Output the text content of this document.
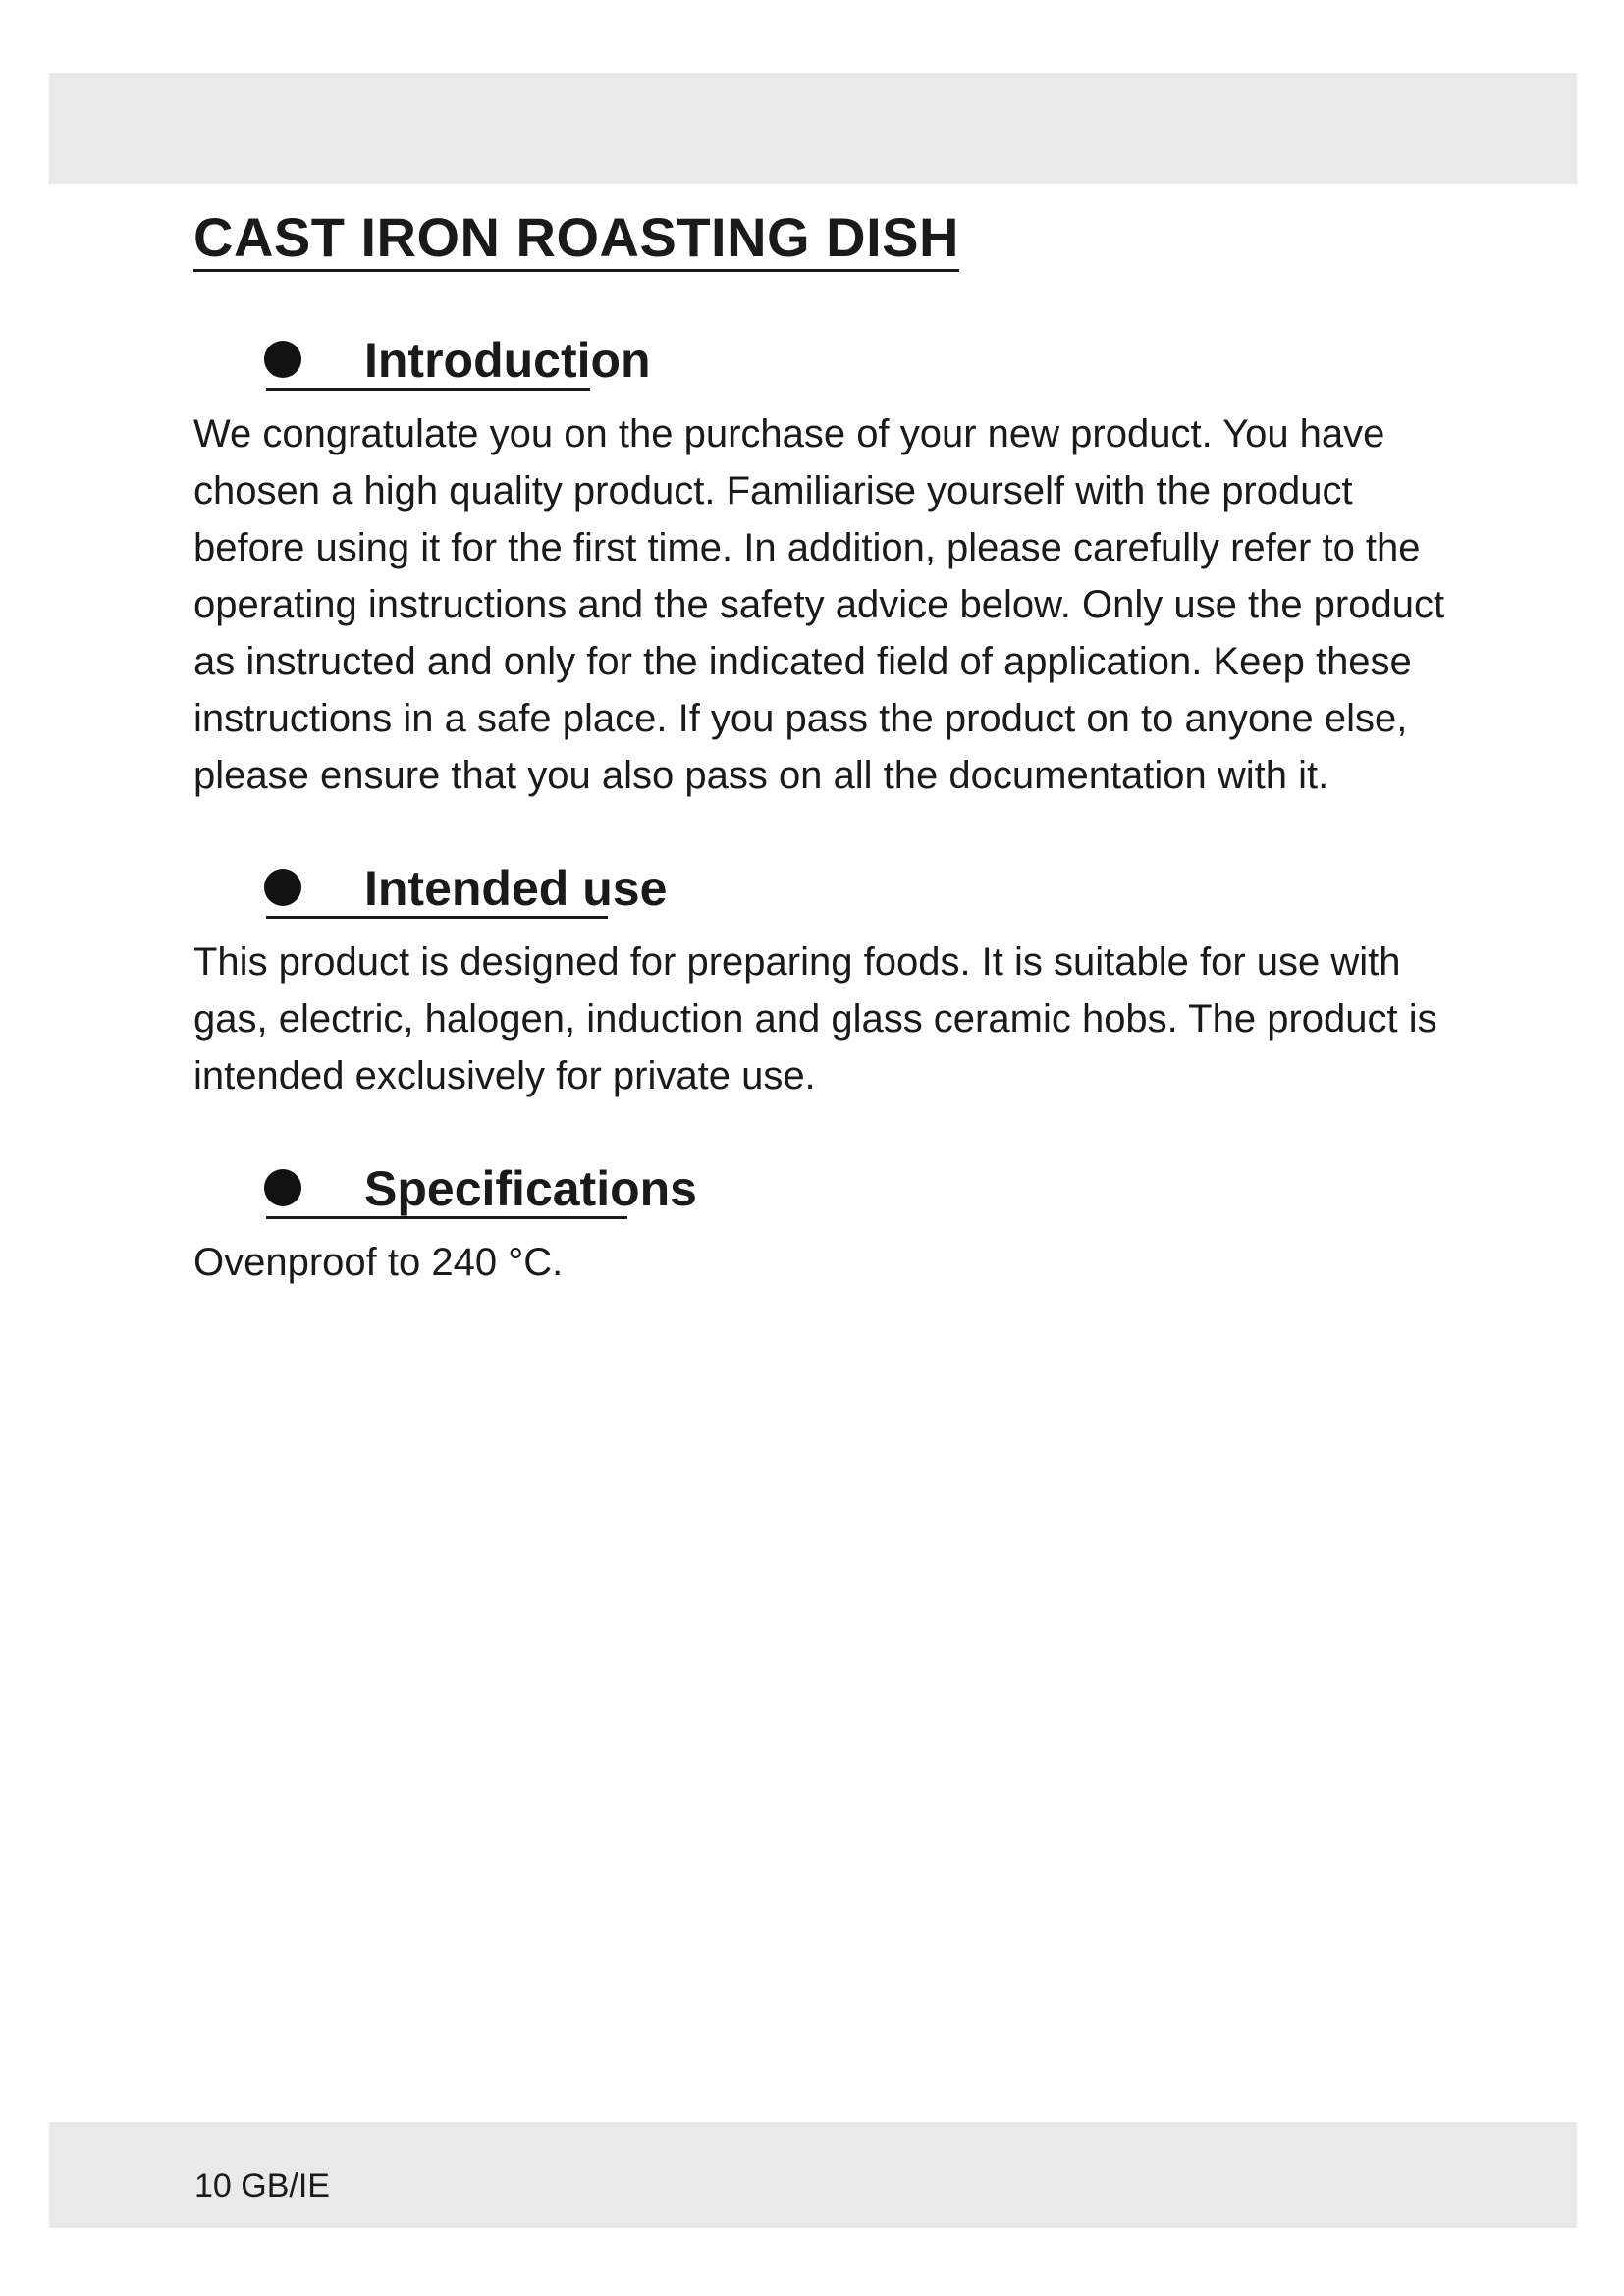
CAST IRON ROASTING DISH
Introduction

We congratulate you on the purchase of your new product. You have chosen a high quality product. Familiarise yourself with the product before using it for the first time. In addition, please carefully refer to the operating instructions and the safety advice below. Only use the product as instructed and only for the indicated field of application. Keep these instructions in a safe place. If you pass the product on to anyone else, please ensure that you also pass on all the documentation with it.

Intended use

This product is designed for preparing foods. It is suitable for use with gas, electric, halogen, induction and glass ceramic hobs. The product is intended exclusively for private use.

Specifications

Ovenproof to 240 °C.

10 GB/IE
